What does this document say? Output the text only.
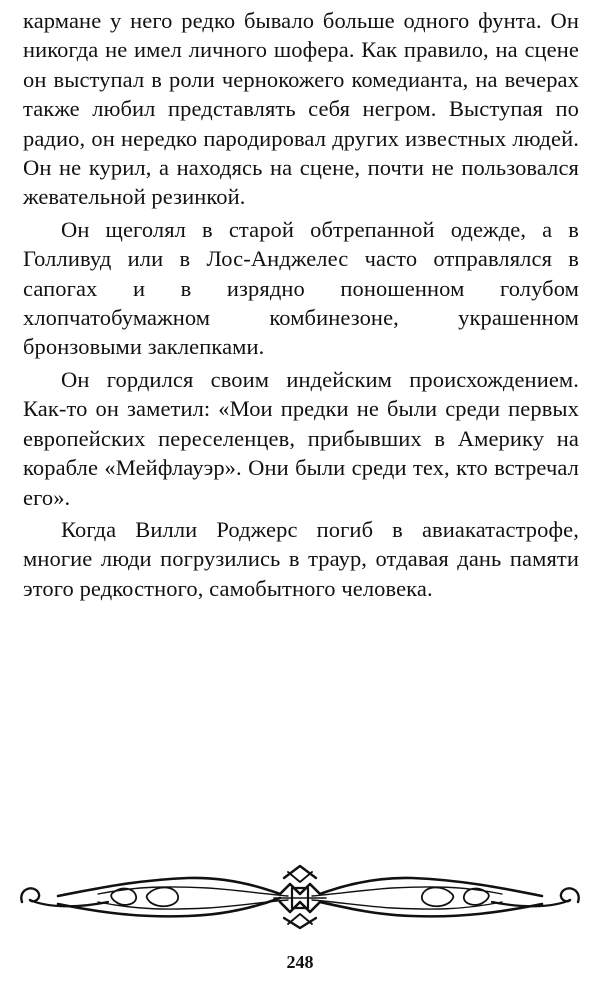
кармане у него редко бывало больше одного фунта. Он никогда не имел личного шофера. Как правило, на сцене он выступал в роли чернокожего комедианта, на вечерах также любил представлять себя негром. Выступая по радио, он нередко пародировал других известных людей. Он не курил, а находясь на сцене, почти не пользовался жевательной резинкой.

Он щеголял в старой обтрепанной одежде, а в Голливуд или в Лос-Анджелес часто отправлялся в сапогах и в изрядно поношенном голубом хлопчатобумажном комбинезоне, украшенном бронзовыми заклепками.

Он гордился своим индейским происхождением. Как-то он заметил: «Мои предки не были среди первых европейских переселенцев, прибывших в Америку на корабле «Мейфлауэр». Они были среди тех, кто встречал его».

Когда Вилли Роджерс погиб в авиакатастрофе, многие люди погрузились в траур, отдавая дань памяти этого редкостного, самобытного человека.

248
